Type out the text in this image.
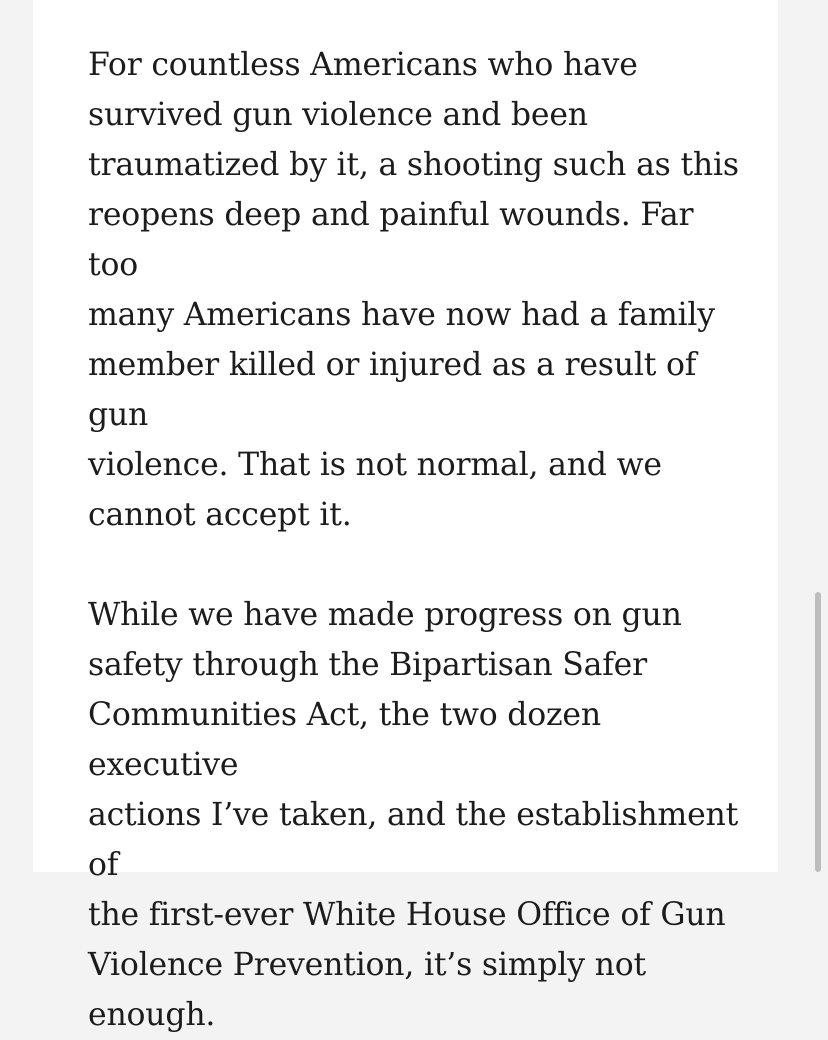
For countless Americans who have
survived gun violence and been
traumatized by it, a shooting such as this
reopens deep and painful wounds. Far too
many Americans have now had a family
member killed or injured as a result of gun
violence. That is not normal, and we
cannot accept it.

While we have made progress on gun
safety through the Bipartisan Safer
Communities Act, the two dozen executive
actions I’ve taken, and the establishment of
the first-ever White House Office of Gun
Violence Prevention, it’s simply not
enough.
